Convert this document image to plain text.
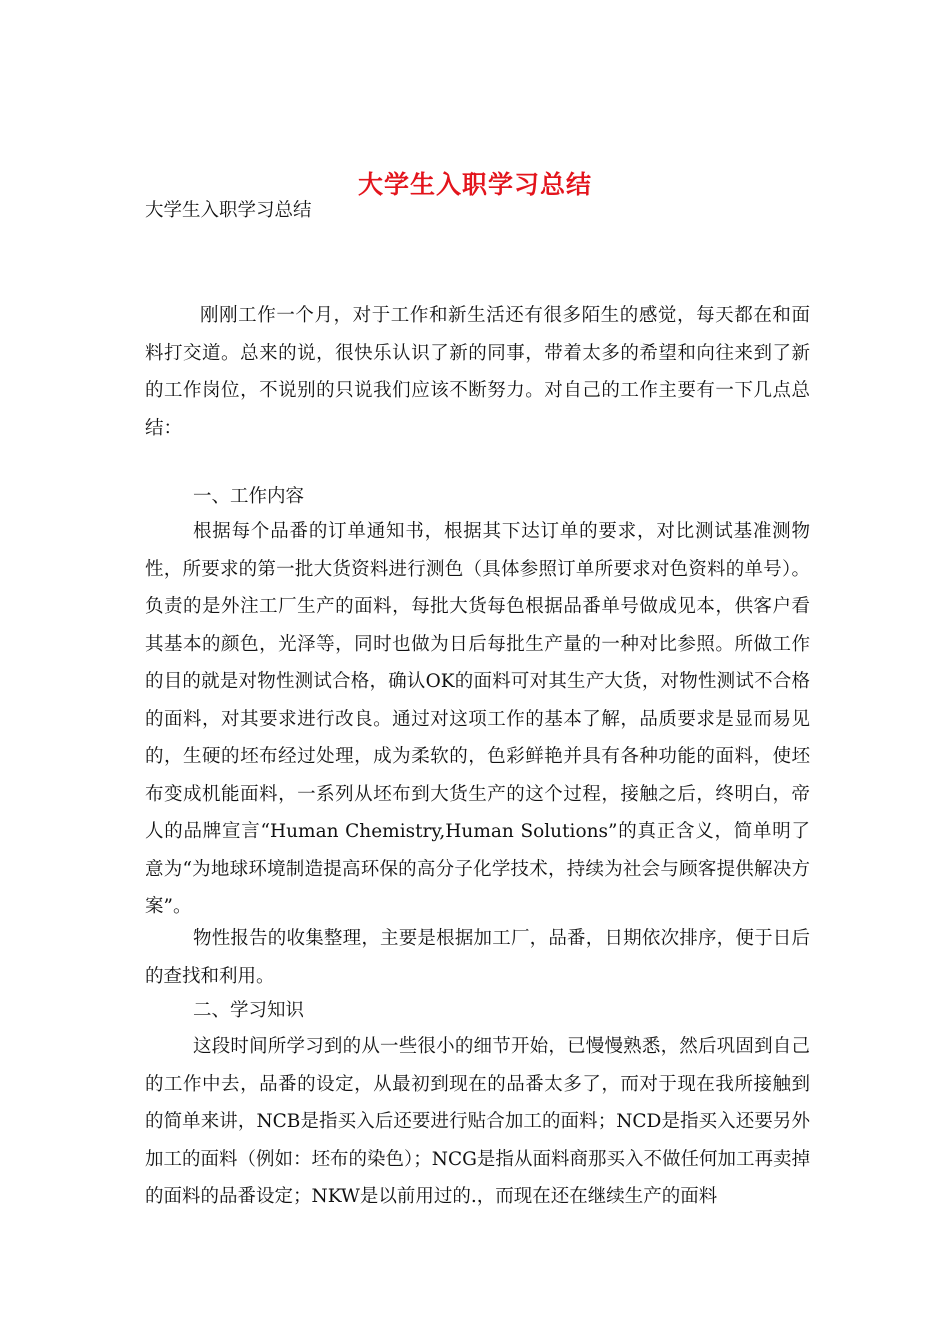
大学生入职学习总结
大学生入职学习总结

刚刚工作一个月，对于工作和新生活还有很多陌生的感觉，每天都在和面料打交道。总来的说，很快乐认识了新的同事，带着太多的希望和向往来到了新的工作岗位，不说别的只说我们应该不断努力。对自己的工作主要有一下几点总结：

一、工作内容

根据每个品番的订单通知书，根据其下达订单的要求，对比测试基准测物性，所要求的第一批大货资料进行测色（具体参照订单所要求对色资料的单号）。负责的是外注工厂生产的面料，每批大货每色根据品番单号做成见本，供客户看其基本的颜色，光泽等，同时也做为日后每批生产量的一种对比参照。所做工作的目的就是对物性测试合格，确认OK的面料可对其生产大货，对物性测试不合格的面料，对其要求进行改良。通过对这项工作的基本了解，品质要求是显而易见的，生硬的坯布经过处理，成为柔软的，色彩鲜艳并具有各种功能的面料，使坯布变成机能面料，一系列从坯布到大货生产的这个过程，接触之后，终明白，帝人的品牌宣言“Human Chemistry,Human Solutions”的真正含义，简单明了意为“为地球环境制造提高环保的高分子化学技术，持续为社会与顾客提供解决方案”。

物性报告的收集整理，主要是根据加工厂，品番，日期依次排序，便于日后的查找和利用。

二、学习知识

这段时间所学习到的从一些很小的细节开始，已慢慢熟悉，然后巩固到自己的工作中去，品番的设定，从最初到现在的品番太多了，而对于现在我所接触到的简单来讲，NCB是指买入后还要进行贴合加工的面料；NCD是指买入还要另外加工的面料（例如：坯布的染色）；NCG是指从面料商那买入不做任何加工再卖掉的面料的品番设定；NKW是以前用过的.，而现在还在继续生产的面料
